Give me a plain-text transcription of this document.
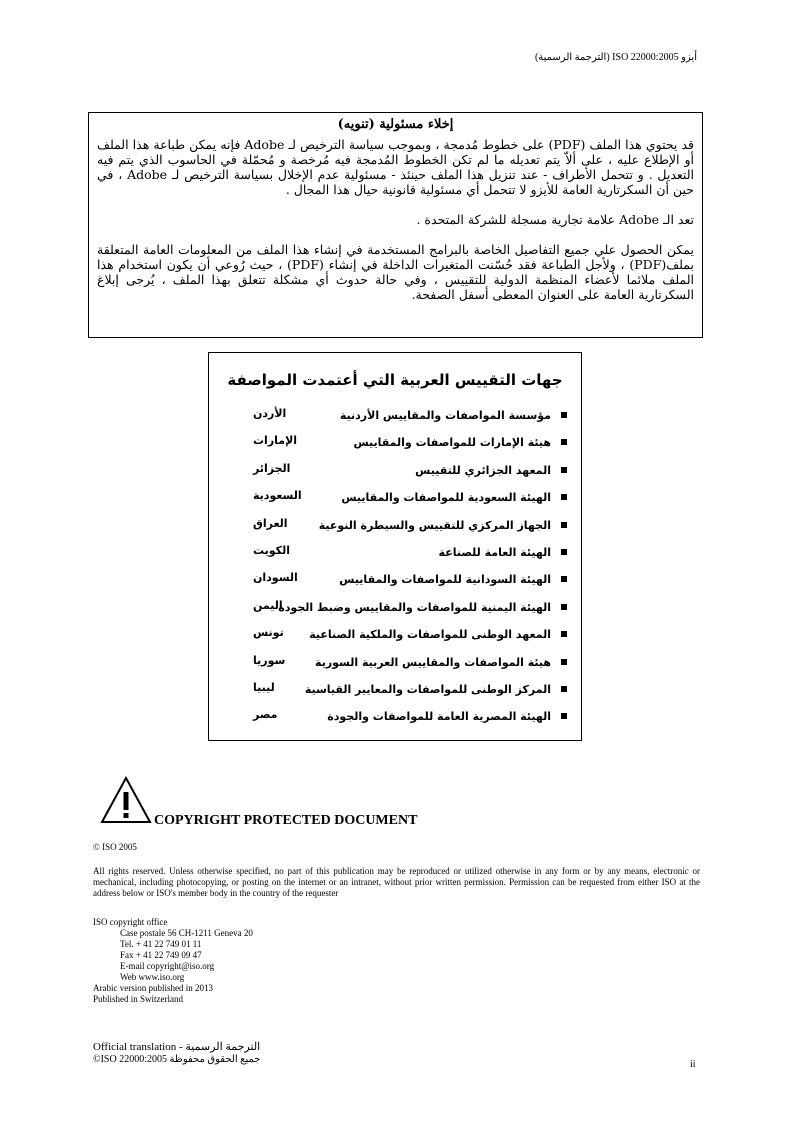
أيزو 22000:2005 ISO (الترجمة الرسمية)
إخلاء مسئولية (تنويه)

قد يحتوي هذا الملف (PDF) على خطوط مُدمجة ، وبموجب سياسة الترخيص لـ Adobe فإنه يمكن طباعة هذا الملف أو الإطلاع عليه ، على ألاّ يتم تعديله ما لم تكن الخطوط المُدمجة فيه مُرخصة و مُحمّلة في الحاسوب الذي يتم فيه التعديل . و تتحمل الأطراف - عند تنزيل هذا الملف حينئذ - مسئولية عدم الإخلال بسياسة الترخيص لـ Adobe ، في حين أن السكرتارية العامة للأيزو لا تتحمل أي مسئولية قانونية حيال هذا المجال .

تعد الـ Adobe علامة تجارية مسجلة للشركة المتحدة .

يمكن الحصول علي جميع التفاصيل الخاصة بالبرامج المستخدمة في إنشاء هذا الملف من المعلومات العامة المتعلقة بملف(PDF) ، ولأجل الطباعة فقد حُسّنت المتغيرات الداخلة في إنشاء (PDF) ، حيث رُوعي أن يكون استخدام هذا الملف ملائما لأعضاء المنظمة الدولية للتقييس ، وفي حالة حدوث أي مشكلة تتعلق بهذا الملف ، يُرجى إبلاغ السكرتارية العامة على العنوان المعطى أسفل الصفحة.

جهات التقييس العربية التي أعتمدت المواصفة
مؤسسة المواصفات والمقاييس الأردنية
الأردن
هيئة الإمارات للمواصفات والمقاييس
الإمارات
المعهد الجزائري للتقييس
الجزائر
الهيئة السعودية للمواصفات والمقاييس
السعودية
الجهاز المركزي للتقييس والسيطرة النوعية
العراق
الهيئة العامة للصناعة
الكويت
الهيئة السودانية للمواصفات والمقاييس
السودان
الهيئة اليمنية للمواصفات والمقاييس وضبط الجودة
اليمن
المعهد الوطنى للمواصفات والملكية الصناعية
تونس
هيئة المواصفات والمقاييس العربية السورية
سوريا
المركز الوطنى للمواصفات والمعايير القياسية
ليبيا
الهيئة المصرية العامة للمواصفات والجودة
مصر
COPYRIGHT PROTECTED DOCUMENT
© ISO 2005
All rights reserved. Unless otherwise specified, no part of this publication may be reproduced or utilized otherwise in any form or by any means, electronic or mechanical, including photocopying, or posting on the internet or an intranet, without prior written permission. Permission can be requested from either ISO at the address below or ISO's member body in the country of the requester
ISO copyright office
Case postale 56 CH-1211 Geneva 20
Tel. + 41 22 749 01 11
Fax + 41 22 749 09 47
E-mail copyright@iso.org
Web www.iso.org
Arabic version published in 2013
Published in Switzerland
Official translation - الترجمة الرسمية
©ISO 22000:2005 جميع الحقوق محفوظة	ii
